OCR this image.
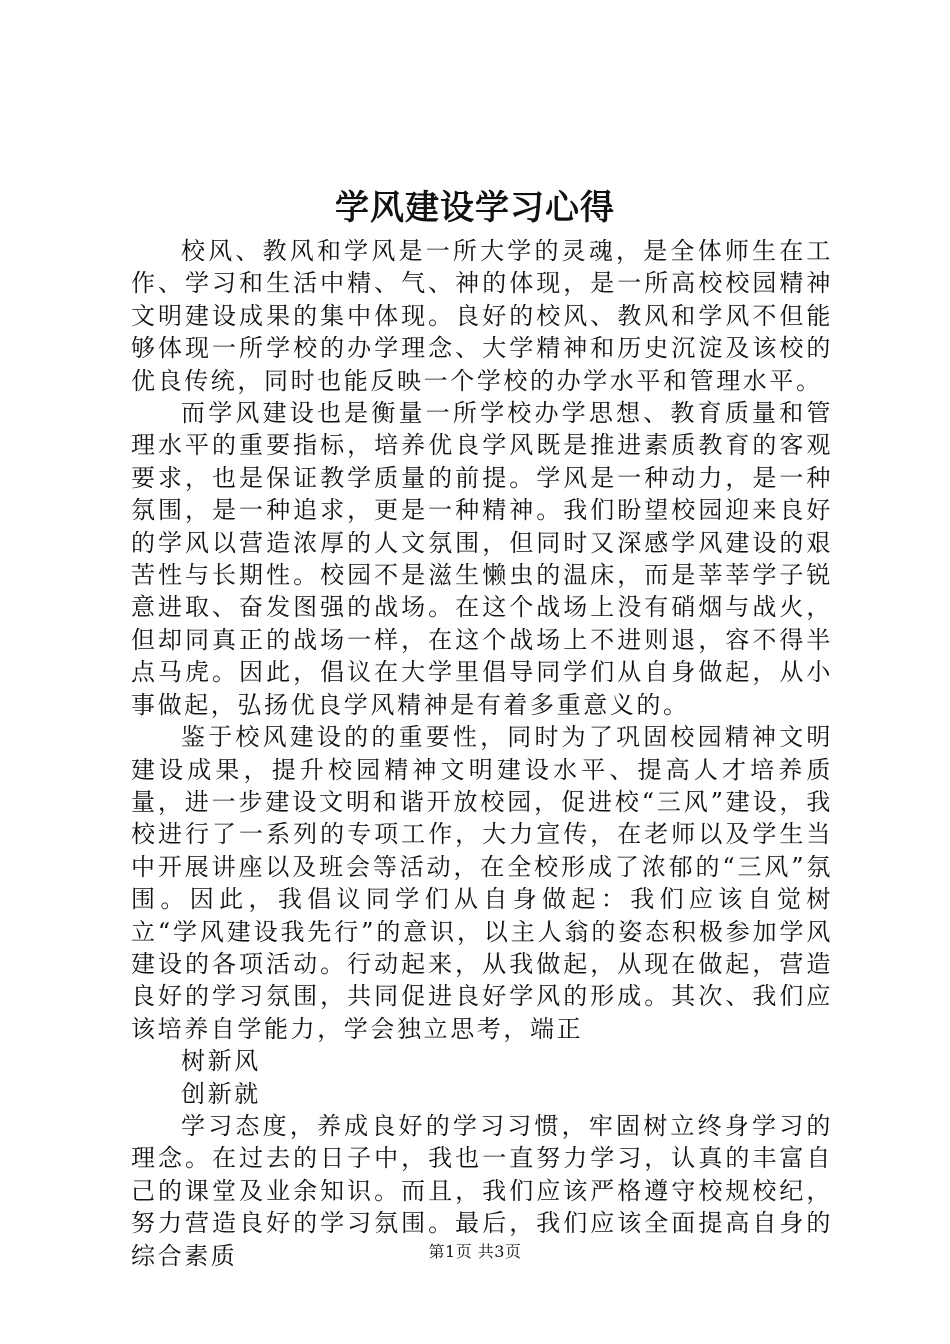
学风建设学习心得

校风、教风和学风是一所大学的灵魂，是全体师生在工作、学习和生活中精、气、神的体现，是一所高校校园精神文明建设成果的集中体现。良好的校风、教风和学风不但能够体现一所学校的办学理念、大学精神和历史沉淀及该校的优良传统，同时也能反映一个学校的办学水平和管理水平。

而学风建设也是衡量一所学校办学思想、教育质量和管理水平的重要指标，培养优良学风既是推进素质教育的客观要求，也是保证教学质量的前提。学风是一种动力，是一种氛围，是一种追求，更是一种精神。我们盼望校园迎来良好的学风以营造浓厚的人文氛围，但同时又深感学风建设的艰苦性与长期性。校园不是滋生懒虫的温床，而是莘莘学子锐意进取、奋发图强的战场。在这个战场上没有硝烟与战火，但却同真正的战场一样，在这个战场上不进则退，容不得半点马虎。因此，倡议在大学里倡导同学们从自身做起，从小事做起，弘扬优良学风精神是有着多重意义的。

鉴于校风建设的的重要性，同时为了巩固校园精神文明建设成果，提升校园精神文明建设水平、提高人才培养质量，进一步建设文明和谐开放校园，促进校“三风”建设，我校进行了一系列的专项工作，大力宣传，在老师以及学生当中开展讲座以及班会等活动，在全校形成了浓郁的“三风”氛围。因此，我倡议同学们从自身做起：我们应该自觉树立“学风建设我先行”的意识，以主人翁的姿态积极参加学风建设的各项活动。行动起来，从我做起，从现在做起，营造良好的学习氛围，共同促进良好学风的形成。其次、我们应该培养自学能力，学会独立思考，端正

树新风

创新就

学习态度，养成良好的学习习惯，牢固树立终身学习的理念。在过去的日子中，我也一直努力学习，认真的丰富自己的课堂及业余知识。而且，我们应该严格遵守校规校纪，努力营造良好的学习氛围。最后，我们应该全面提高自身的综合素质	第1页 共3页
